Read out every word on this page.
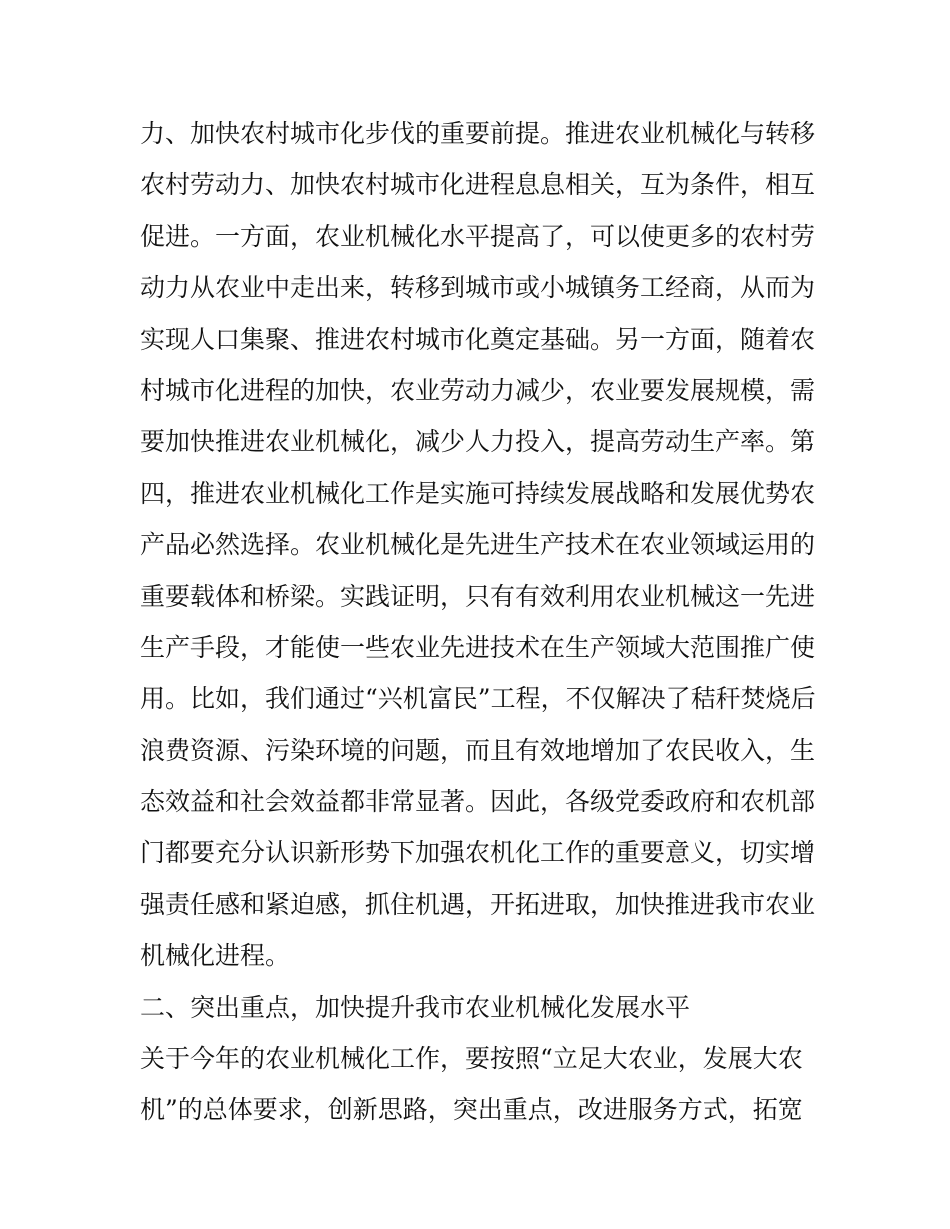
力、加快农村城市化步伐的重要前提。推进农业机械化与转移
农村劳动力、加快农村城市化进程息息相关，互为条件，相互
促进。一方面，农业机械化水平提高了，可以使更多的农村劳
动力从农业中走出来，转移到城市或小城镇务工经商，从而为
实现人口集聚、推进农村城市化奠定基础。另一方面，随着农
村城市化进程的加快，农业劳动力减少，农业要发展规模，需
要加快推进农业机械化，减少人力投入，提高劳动生产率。第
四，推进农业机械化工作是实施可持续发展战略和发展优势农
产品必然选择。农业机械化是先进生产技术在农业领域运用的
重要载体和桥梁。实践证明，只有有效利用农业机械这一先进
生产手段，才能使一些农业先进技术在生产领域大范围推广使
用。比如，我们通过“兴机富民”工程，不仅解决了秸秆焚烧后
浪费资源、污染环境的问题，而且有效地增加了农民收入，生
态效益和社会效益都非常显著。因此，各级党委政府和农机部
门都要充分认识新形势下加强农机化工作的重要意义，切实增
强责任感和紧迫感，抓住机遇，开拓进取，加快推进我市农业
机械化进程。
二、突出重点，加快提升我市农业机械化发展水平
关于今年的农业机械化工作，要按照“立足大农业，发展大农
机”的总体要求，创新思路，突出重点，改进服务方式，拓宽
